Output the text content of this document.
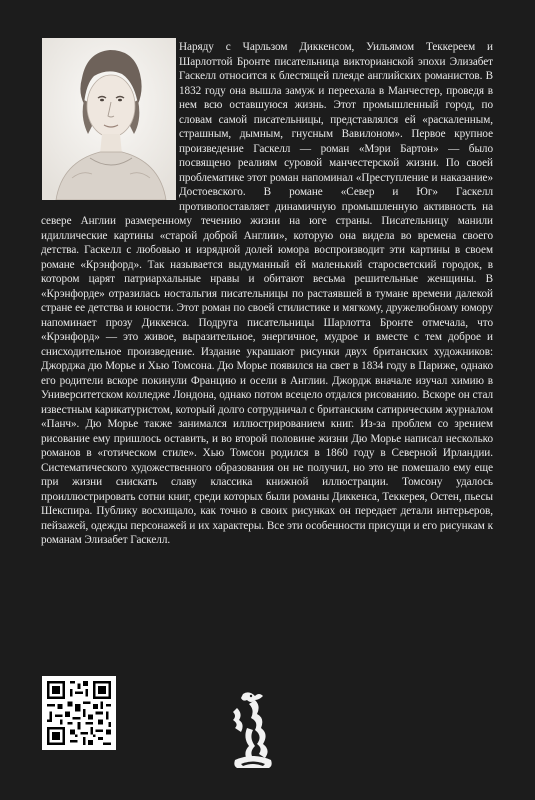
Наряду с Чарльзом Диккенсом, Уильямом Теккереем и Шарлоттой Бронте писательница викторианской эпохи Элизабет Гаскелл относится к блестящей плеяде английских романистов. В 1832 году она вышла замуж и переехала в Манчестер, проведя в нем всю оставшуюся жизнь. Этот промышленный город, по словам самой писательницы, представлялся ей «раскаленным, страшным, дымным, гнусным Вавилоном». Первое крупное произведение Гаскелл — роман «Мэри Бартон» — было посвящено реалиям суровой манчестерской жизни. По своей проблематике этот роман напоминал «Преступление и наказание» Достоевского. В романе «Север и Юг» Гаскелл противопоставляет динамичную промышленную активность на севере Англии размеренному течению жизни на юге страны. Писательницу манили идиллические картины «старой доброй Англии», которую она видела во времена своего детства. Гаскелл с любовью и изрядной долей юмора воспроизводит эти картины в своем романе «Крэнфорд». Так называется выдуманный ей маленький старосветский городок, в котором царят патриархальные нравы и обитают весьма решительные женщины. В «Крэнфорде» отразилась ностальгия писательницы по растаявшей в тумане времени далекой стране ее детства и юности. Этот роман по своей стилистике и мягкому, дружелюбному юмору напоминает прозу Диккенса. Подруга писательницы Шарлотта Бронте отмечала, что «Крэнфорд» — это живое, выразительное, энергичное, мудрое и вместе с тем доброе и снисходительное произведение. Издание украшают рисунки двух британских художников: Джорджа дю Морье и Хью Томсона. Дю Морье появился на свет в 1834 году в Париже, однако его родители вскоре покинули Францию и осели в Англии. Джордж вначале изучал химию в Университетском колледже Лондона, однако потом всецело отдался рисованию. Вскоре он стал известным карикатуристом, который долго сотрудничал с британским сатирическим журналом «Панч». Дю Морье также занимался иллюстрированием книг. Из-за проблем со зрением рисование ему пришлось оставить, и во второй половине жизни Дю Морье написал несколько романов в «готическом стиле». Хью Томсон родился в 1860 году в Северной Ирландии. Систематического художественного образования он не получил, но это не помешало ему еще при жизни снискать славу классика книжной иллюстрации. Томсону удалось проиллюстрировать сотни книг, среди которых были романы Диккенса, Теккерея, Остен, пьесы Шекспира. Публику восхищало, как точно в своих рисунках он передает детали интерьеров, пейзажей, одежды персонажей и их характеры. Все эти особенности присущи и его рисункам к романам Элизабет Гаскелл.
